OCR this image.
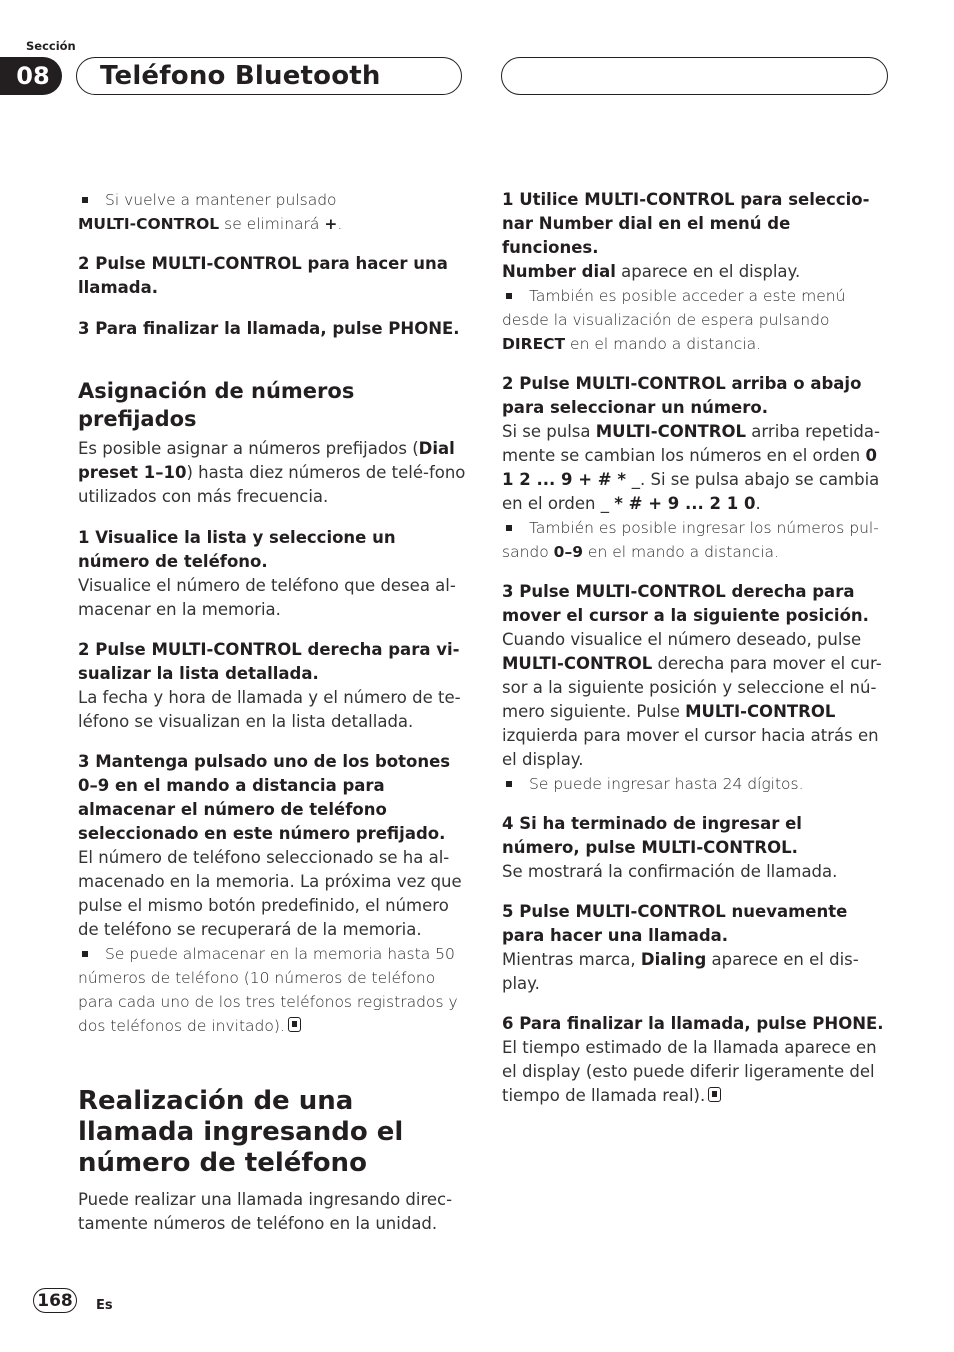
Sección
08	Teléfono Bluetooth

Si vuelve a mantener pulsado
MULTI-CONTROL se eliminará +.

2 Pulse MULTI-CONTROL para hacer una llamada.

3 Para finalizar la llamada, pulse PHONE.

Asignación de números prefijados

Es posible asignar a números prefijados (Dial preset 1–10) hasta diez números de telé-fono utilizados con más frecuencia.

1 Visualice la lista y seleccione un número de teléfono.

Visualice el número de teléfono que desea al-macenar en la memoria.

2 Pulse MULTI-CONTROL derecha para vi-sualizar la lista detallada.

La fecha y hora de llamada y el número de te-léfono se visualizan en la lista detallada.

3 Mantenga pulsado uno de los botones 0–9 en el mando a distancia para almacenar el número de teléfono seleccionado en este número prefijado.

El número de teléfono seleccionado se ha al-macenado en la memoria. La próxima vez que pulse el mismo botón predefinido, el número de teléfono se recuperará de la memoria.

Se puede almacenar en la memoria hasta 50 números de teléfono (10 números de teléfono para cada uno de los tres teléfonos registrados y dos teléfonos de invitado).

Realización de una llamada ingresando el número de teléfono

Puede realizar una llamada ingresando direc-tamente números de teléfono en la unidad.

1 Utilice MULTI-CONTROL para seleccio-nar Number dial en el menú de funciones.

Number dial aparece en el display.

También es posible acceder a este menú desde la visualización de espera pulsando DIRECT en el mando a distancia.

2 Pulse MULTI-CONTROL arriba o abajo para seleccionar un número.

Si se pulsa MULTI-CONTROL arriba repetida-mente se cambian los números en el orden 0 1 2 ... 9 + # * _. Si se pulsa abajo se cambia en el orden _ * # + 9 ... 2 1 0.

También es posible ingresar los números pul-sando 0–9 en el mando a distancia.

3 Pulse MULTI-CONTROL derecha para mover el cursor a la siguiente posición.

Cuando visualice el número deseado, pulse MULTI-CONTROL derecha para mover el cur-sor a la siguiente posición y seleccione el nú-mero siguiente. Pulse MULTI-CONTROL izquierda para mover el cursor hacia atrás en el display.

Se puede ingresar hasta 24 dígitos.

4 Si ha terminado de ingresar el número, pulse MULTI-CONTROL.

Se mostrará la confirmación de llamada.

5 Pulse MULTI-CONTROL nuevamente para hacer una llamada.

Mientras marca, Dialing aparece en el dis-play.

6 Para finalizar la llamada, pulse PHONE.

El tiempo estimado de la llamada aparece en el display (esto puede diferir ligeramente del tiempo de llamada real).

168	Es
